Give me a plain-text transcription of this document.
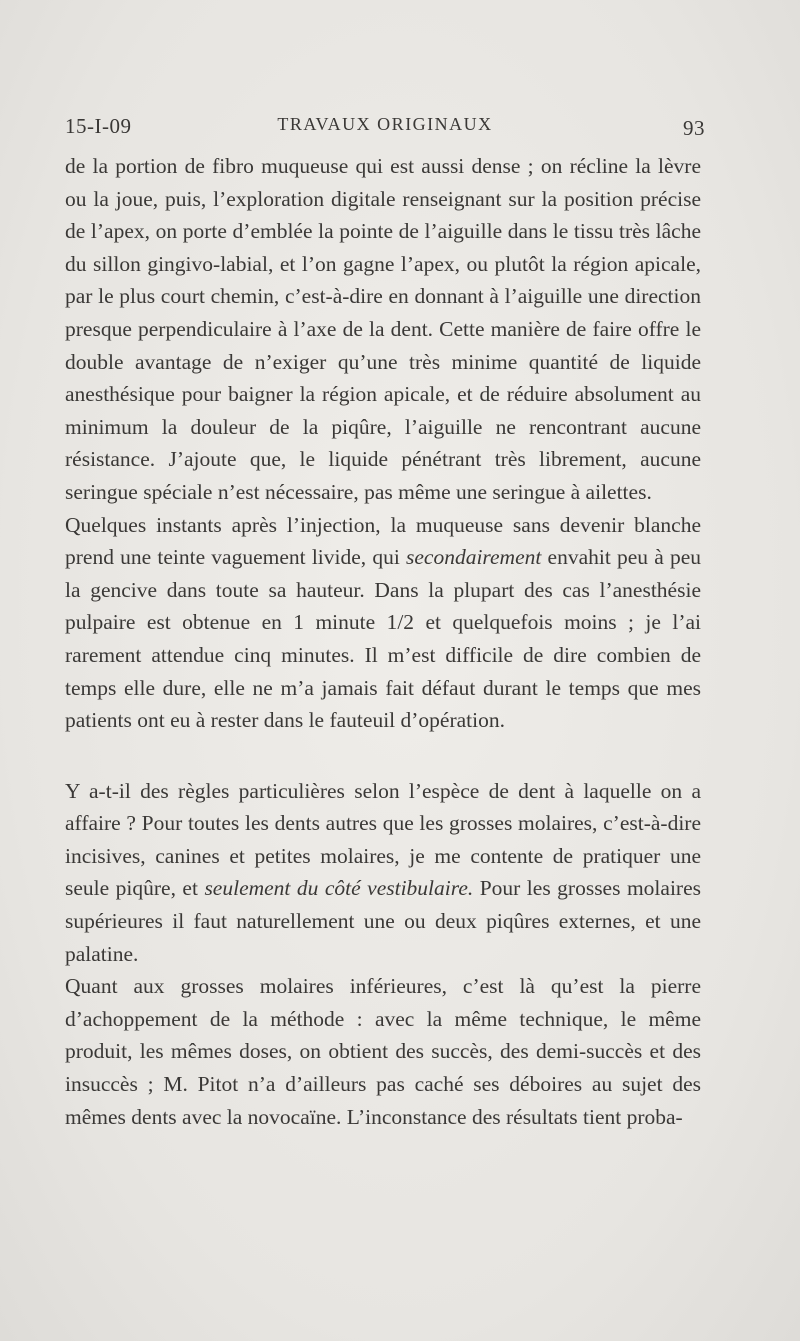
15-I-09	TRAVAUX ORIGINAUX	93

de la portion de fibro muqueuse qui est aussi dense ; on récline la lèvre ou la joue, puis, l’exploration digitale renseignant sur la position précise de l’apex, on porte d’emblée la pointe de l’aiguille dans le tissu très lâche du sillon gingivo-labial, et l’on gagne l’apex, ou plutôt la région apicale, par le plus court chemin, c’est-à-dire en donnant à l’aiguille une direction presque perpendiculaire à l’axe de la dent. Cette manière de faire offre le double avantage de n’exiger qu’une très minime quantité de liquide anesthésique pour baigner la région apicale, et de réduire absolument au minimum la douleur de la piqûre, l’aiguille ne rencontrant aucune résistance. J’ajoute que, le liquide pénétrant très librement, aucune seringue spéciale n’est nécessaire, pas même une seringue à ailettes.

Quelques instants après l’injection, la muqueuse sans devenir blanche prend une teinte vaguement livide, qui secondairement envahit peu à peu la gencive dans toute sa hauteur. Dans la plupart des cas l’anesthésie pulpaire est obtenue en 1 minute 1/2 et quelquefois moins ; je l’ai rarement attendue cinq minutes. Il m’est difficile de dire combien de temps elle dure, elle ne m’a jamais fait défaut durant le temps que mes patients ont eu à rester dans le fauteuil d’opération.

Y a-t-il des règles particulières selon l’espèce de dent à laquelle on a affaire ? Pour toutes les dents autres que les grosses molaires, c’est-à-dire incisives, canines et petites molaires, je me contente de pratiquer une seule piqûre, et seulement du côté vestibulaire. Pour les grosses molaires supérieures il faut naturellement une ou deux piqûres externes, et une palatine.

Quant aux grosses molaires inférieures, c’est là qu’est la pierre d’achoppement de la méthode : avec la même technique, le même produit, les mêmes doses, on obtient des succès, des demi-succès et des insuccès ; M. Pitot n’a d’ailleurs pas caché ses déboires au sujet des mêmes dents avec la novocaïne. L’inconstance des résultats tient proba-
